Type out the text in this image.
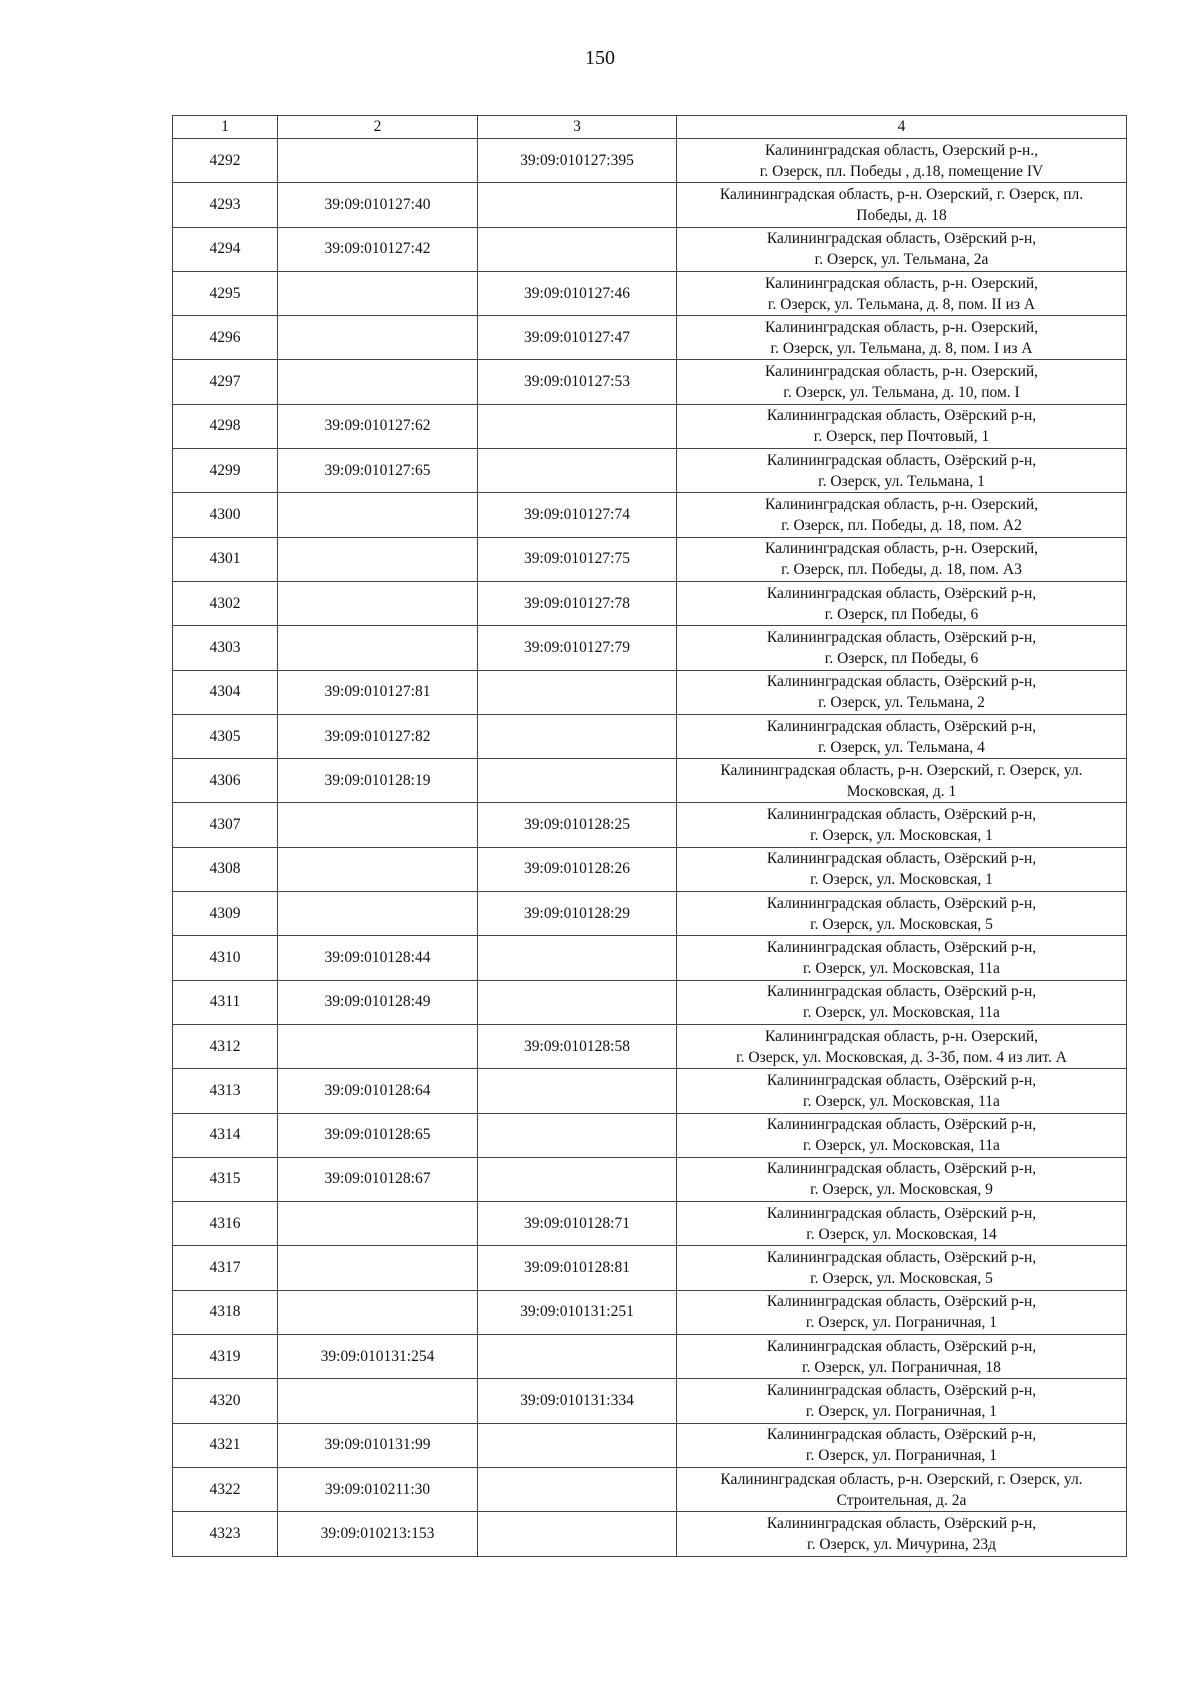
150
1	2	3	4
4292		39:09:010127:395	Калининградская область, Озерский р-н.,
г. Озерск, пл. Победы , д.18, помещение IV

4293	39:09:010127:40		Калининградская область, р-н. Озерский, г. Озерск, пл.
Победы, д. 18

4294	39:09:010127:42		Калининградская область, Озёрский р-н,
г. Озерск, ул. Тельмана, 2а

4295		39:09:010127:46	Калининградская область, р-н. Озерский,
г. Озерск, ул. Тельмана, д. 8, пом. II из А

4296		39:09:010127:47	Калининградская область, р-н. Озерский,
г. Озерск, ул. Тельмана, д. 8, пом. I из А

4297		39:09:010127:53	Калининградская область, р-н. Озерский,
г. Озерск, ул. Тельмана, д. 10, пом. I

4298	39:09:010127:62		Калининградская область, Озёрский р-н,
г. Озерск, пер Почтовый, 1

4299	39:09:010127:65		Калининградская область, Озёрский р-н,
г. Озерск, ул. Тельмана, 1

4300		39:09:010127:74	Калининградская область, р-н. Озерский,
г. Озерск, пл. Победы, д. 18, пом. А2

4301		39:09:010127:75	Калининградская область, р-н. Озерский,
г. Озерск, пл. Победы, д. 18, пом. А3

4302		39:09:010127:78	Калининградская область, Озёрский р-н,
г. Озерск, пл Победы, 6

4303		39:09:010127:79	Калининградская область, Озёрский р-н,
г. Озерск, пл Победы, 6

4304	39:09:010127:81		Калининградская область, Озёрский р-н,
г. Озерск, ул. Тельмана, 2

4305	39:09:010127:82		Калининградская область, Озёрский р-н,
г. Озерск, ул. Тельмана, 4

4306	39:09:010128:19		Калининградская область, р-н. Озерский, г. Озерск, ул.
Московская, д. 1

4307		39:09:010128:25	Калининградская область, Озёрский р-н,
г. Озерск, ул. Московская, 1

4308		39:09:010128:26	Калининградская область, Озёрский р-н,
г. Озерск, ул. Московская, 1

4309		39:09:010128:29	Калининградская область, Озёрский р-н,
г. Озерск, ул. Московская, 5

4310	39:09:010128:44		Калининградская область, Озёрский р-н,
г. Озерск, ул. Московская, 11а

4311	39:09:010128:49		Калининградская область, Озёрский р-н,
г. Озерск, ул. Московская, 11а

4312		39:09:010128:58	Калининградская область, р-н. Озерский,
г. Озерск, ул. Московская, д. 3-3б, пом. 4 из лит. А

4313	39:09:010128:64		Калининградская область, Озёрский р-н,
г. Озерск, ул. Московская, 11а

4314	39:09:010128:65		Калининградская область, Озёрский р-н,
г. Озерск, ул. Московская, 11а

4315	39:09:010128:67		Калининградская область, Озёрский р-н,
г. Озерск, ул. Московская, 9

4316		39:09:010128:71	Калининградская область, Озёрский р-н,
г. Озерск, ул. Московская, 14

4317		39:09:010128:81	Калининградская область, Озёрский р-н,
г. Озерск, ул. Московская, 5

4318		39:09:010131:251	Калининградская область, Озёрский р-н,
г. Озерск, ул. Пограничная, 1

4319	39:09:010131:254		Калининградская область, Озёрский р-н,
г. Озерск, ул. Пограничная, 18

4320		39:09:010131:334	Калининградская область, Озёрский р-н,
г. Озерск, ул. Пограничная, 1

4321	39:09:010131:99		Калининградская область, Озёрский р-н,
г. Озерск, ул. Пограничная, 1

4322	39:09:010211:30		Калининградская область, р-н. Озерский, г. Озерск, ул.
Строительная, д. 2а

4323	39:09:010213:153		Калининградская область, Озёрский р-н,
г. Озерск, ул. Мичурина, 23д
